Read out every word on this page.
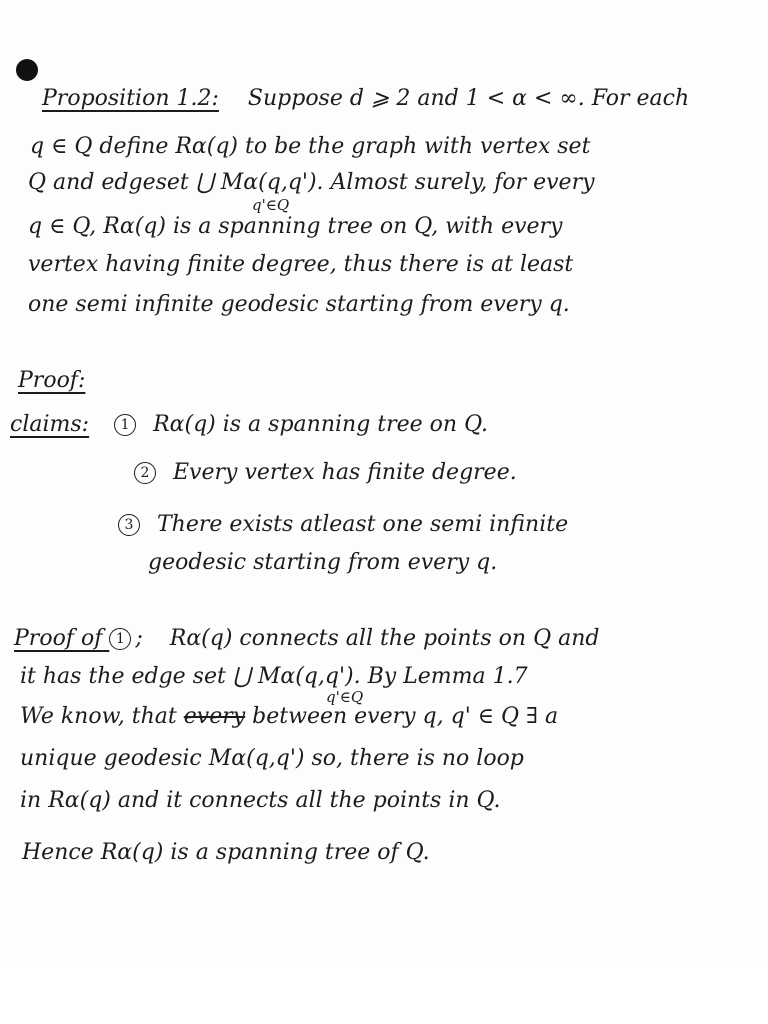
Proposition 1.2: Suppose d ⩾ 2 and 1 < α < ∞. For each
q ∈ Q define Rα(q) to be the graph with vertex set
Q and edgeset ⋃ Mα(q,q'). Almost surely, for every
q'∈Q
q ∈ Q, Rα(q) is a spanning tree on Q, with every
vertex having finite degree, thus there is at least
one semi infinite geodesic starting from every q.
Proof:
claims: 1 Rα(q) is a spanning tree on Q.
2 Every vertex has finite degree.
3 There exists atleast one semi infinite
geodesic starting from every q.
Proof of 1 ; Rα(q) connects all the points on Q and
it has the edge set ⋃ Mα(q,q'). By Lemma 1.7
q'∈Q
We know, that every between every q, q' ∈ Q ∃ a
unique geodesic Mα(q,q') so, there is no loop
in Rα(q) and it connects all the points in Q.
Hence Rα(q) is a spanning tree of Q.
